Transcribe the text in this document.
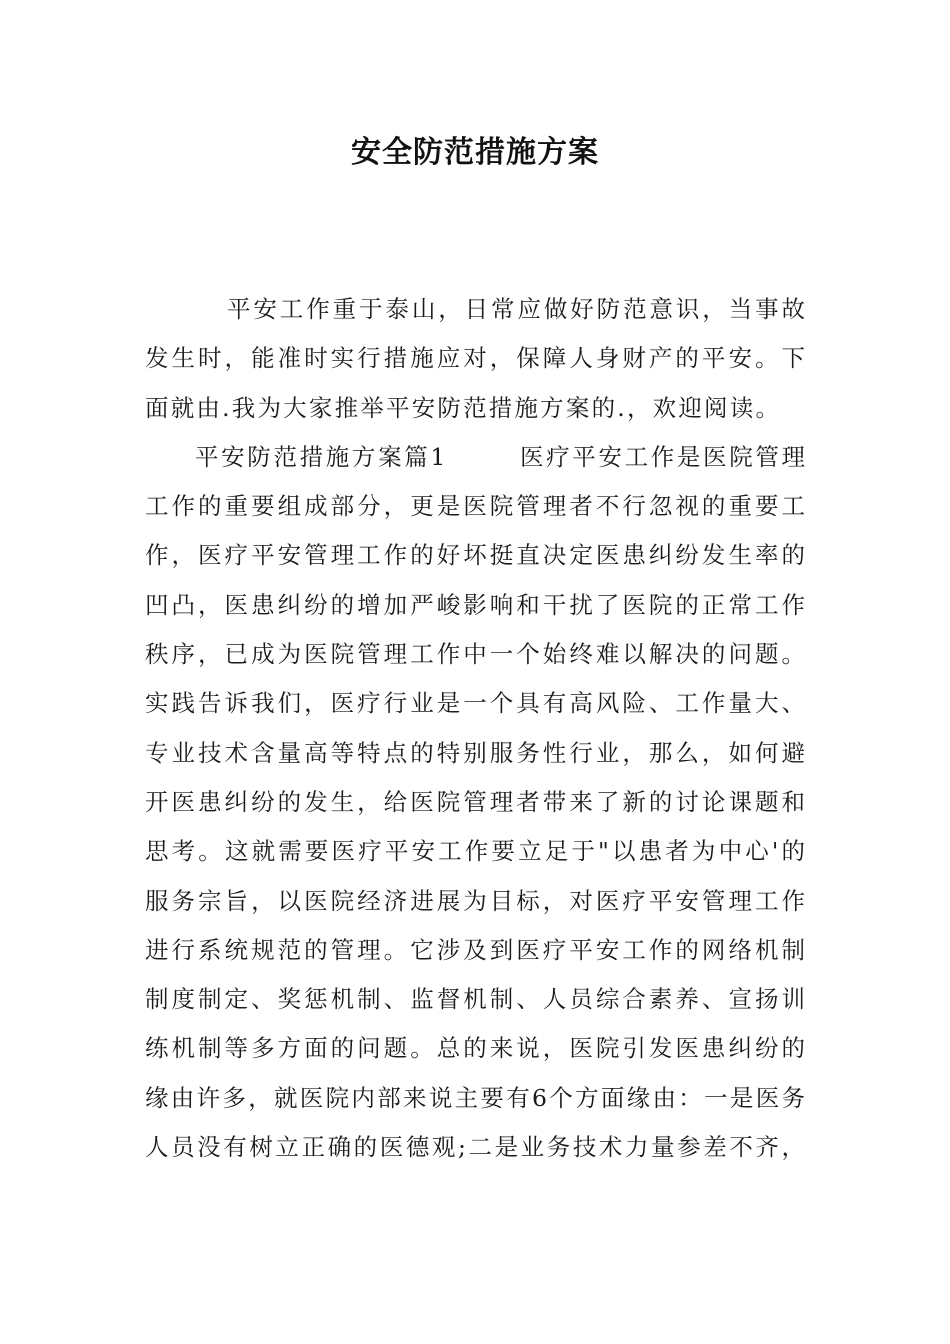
安全防范措施方案
平安工作重于泰山，日常应做好防范意识，当事故
发生时，能准时实行措施应对，保障人身财产的平安。下
面就由.我为大家推举平安防范措施方案的.，欢迎阅读。
平安防范措施方案篇1	医疗平安工作是医院管理
工作的重要组成部分，更是医院管理者不行忽视的重要工
作，医疗平安管理工作的好坏挺直决定医患纠纷发生率的
凹凸，医患纠纷的增加严峻影响和干扰了医院的正常工作
秩序，已成为医院管理工作中一个始终难以解决的问题。
实践告诉我们，医疗行业是一个具有高风险、工作量大、
专业技术含量高等特点的特别服务性行业，那么，如何避
开医患纠纷的发生，给医院管理者带来了新的讨论课题和
思考。这就需要医疗平安工作要立足于"以患者为中心'的
服务宗旨，以医院经济进展为目标，对医疗平安管理工作
进行系统规范的管理。它涉及到医疗平安工作的网络机制
制度制定、奖惩机制、监督机制、人员综合素养、宣扬训
练机制等多方面的问题。总的来说，医院引发医患纠纷的
缘由许多，就医院内部来说主要有6个方面缘由：一是医务
人员没有树立正确的医德观;二是业务技术力量参差不齐，
